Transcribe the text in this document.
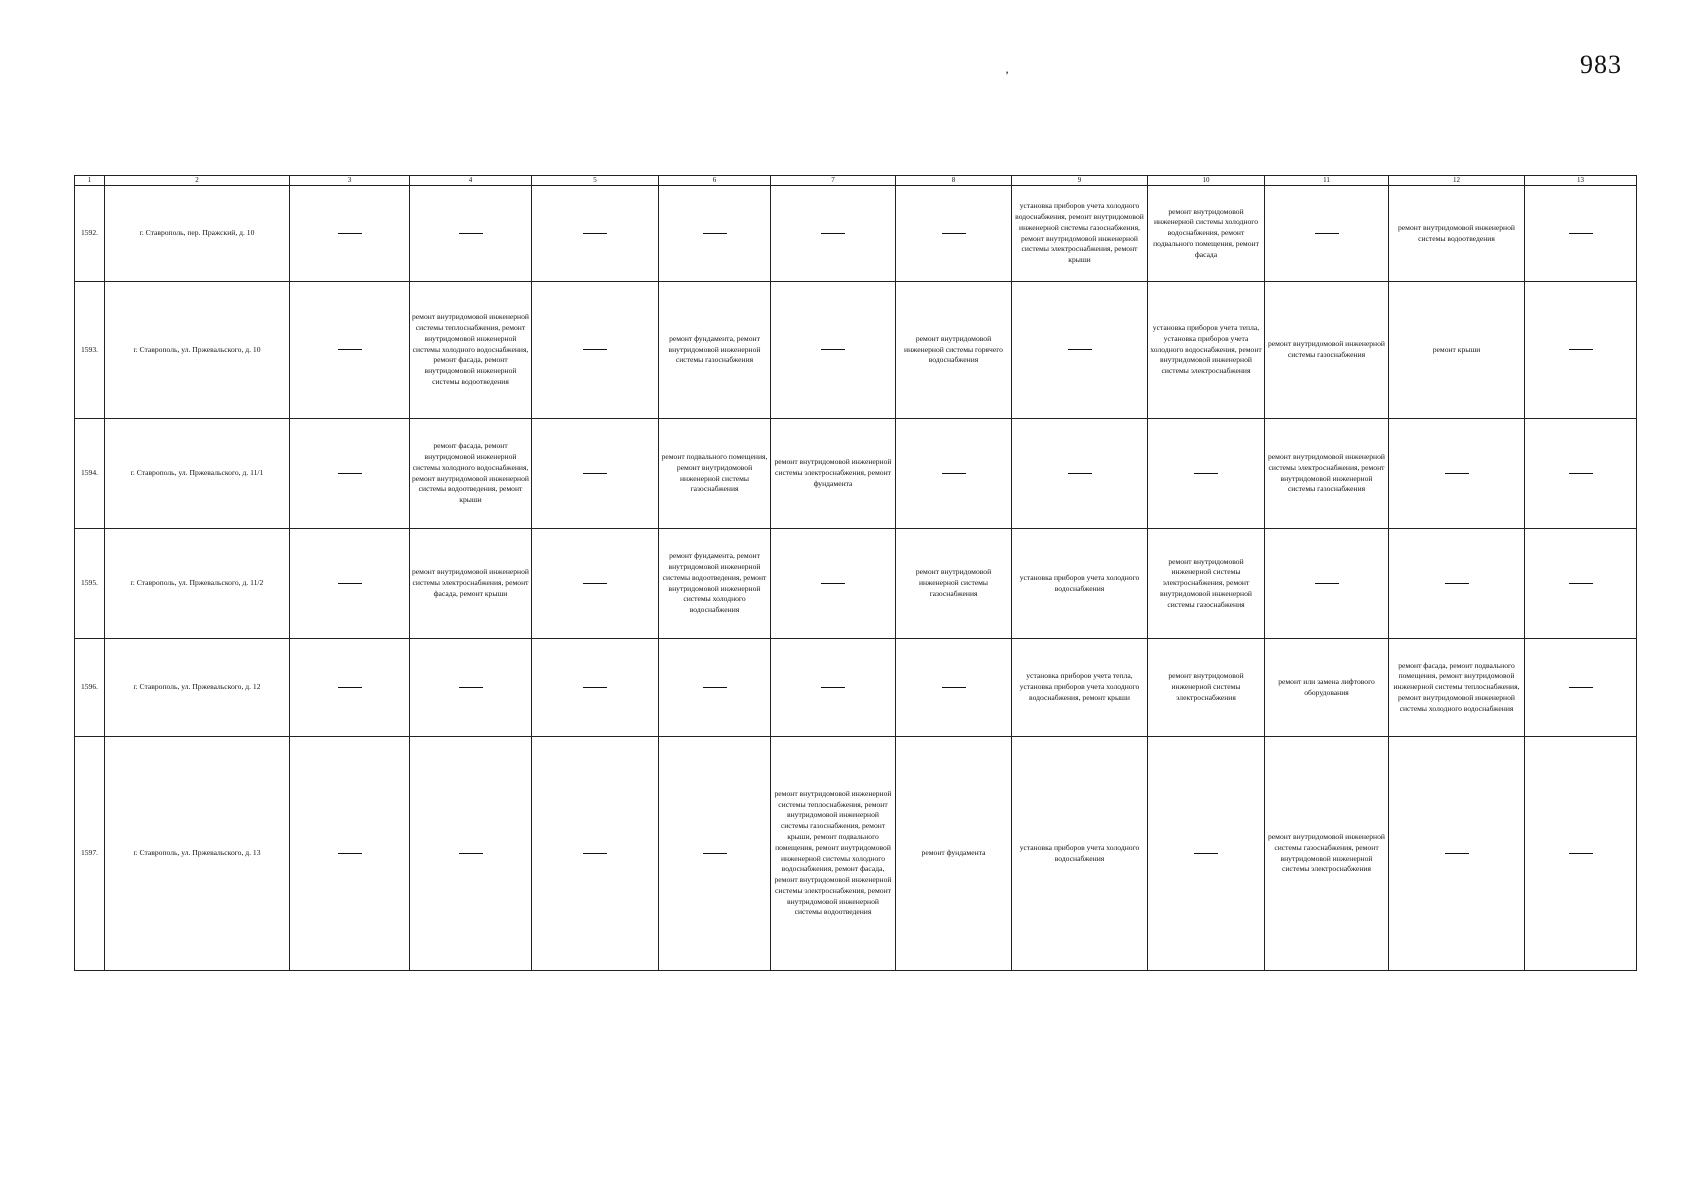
983
’
1	2	3	4	5	6	7	8	9	10	11	12	13
1592.	г. Ставрополь, пер. Пражский, д. 10							установка приборов учета холодного водоснабжения, ремонт внутридомовой инженерной системы газоснабжения, ремонт внутридомовой инженерной системы электроснабжения, ремонт крыши	ремонт внутридомовой инженерной системы холодного водоснабжения, ремонт подвального помещения, ремонт фасада		ремонт внутридомовой инженерной системы водоотведения	
1593.	г. Ставрополь, ул. Пржевальского, д. 10		ремонт внутридомовой инженерной системы теплоснабжения, ремонт внутридомовой инженерной системы холодного водоснабжения, ремонт фасада, ремонт внутридомовой инженерной системы водоотведения		ремонт фундамента, ремонт внутридомовой инженерной системы газоснабжения		ремонт внутридомовой инженерной системы горячего водоснабжения		установка приборов учета тепла, установка приборов учета холодного водоснабжения, ремонт внутридомовой инженерной системы электроснабжения	ремонт внутридомовой инженерной системы газоснабжения	ремонт крыши	
1594.	г. Ставрополь, ул. Пржевальского, д. 11/1		ремонт фасада, ремонт внутридомовой инженерной системы холодного водоснабжения, ремонт внутридомовой инженерной системы водоотведения, ремонт крыши		ремонт подвального помещения, ремонт внутридомовой инженерной системы газоснабжения	ремонт внутридомовой инженерной системы электроснабжения, ремонт фундамента				ремонт внутридомовой инженерной системы электроснабжения, ремонт внутридомовой инженерной системы газоснабжения		
1595.	г. Ставрополь, ул. Пржевальского, д. 11/2		ремонт внутридомовой инженерной системы электроснабжения, ремонт фасада, ремонт крыши		ремонт фундамента, ремонт внутридомовой инженерной системы водоотведения, ремонт внутридомовой инженерной системы холодного водоснабжения		ремонт внутридомовой инженерной системы газоснабжения	установка приборов учета холодного водоснабжения	ремонт внутридомовой инженерной системы электроснабжения, ремонт внутридомовой инженерной системы газоснабжения			
1596.	г. Ставрополь, ул. Пржевальского, д. 12							установка приборов учета тепла, установка приборов учета холодного водоснабжения, ремонт крыши	ремонт внутридомовой инженерной системы электроснабжения	ремонт или замена лифтового оборудования	ремонт фасада, ремонт подвального помещения, ремонт внутридомовой инженерной системы теплоснабжения, ремонт внутридомовой инженерной системы холодного водоснабжения	
1597.	г. Ставрополь, ул. Пржевальского, д. 13					ремонт внутридомовой инженерной системы теплоснабжения, ремонт внутридомовой инженерной системы газоснабжения, ремонт крыши, ремонт подвального помещения, ремонт внутридомовой инженерной системы холодного водоснабжения, ремонт фасада, ремонт внутридомовой инженерной системы электроснабжения, ремонт внутридомовой инженерной системы водоотведения	ремонт фундамента	установка приборов учета холодного водоснабжения		ремонт внутридомовой инженерной системы газоснабжения, ремонт внутридомовой инженерной системы электроснабжения		
